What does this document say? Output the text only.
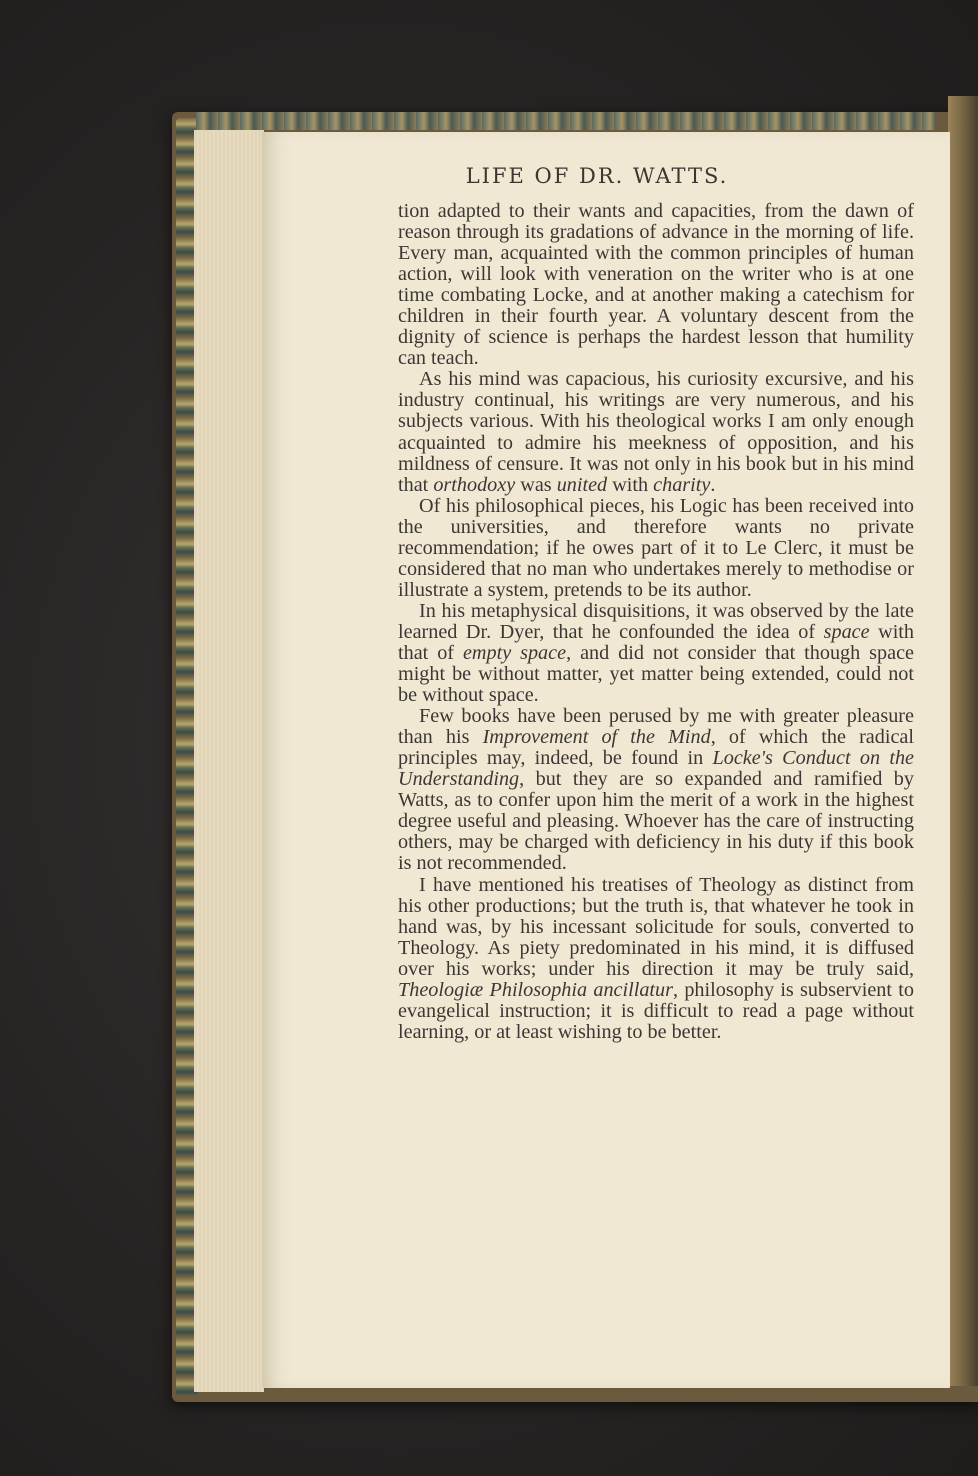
LIFE OF DR. WATTS.

tion adapted to their wants and capacities, from the dawn of reason through its gradations of advance in the morning of life. Every man, acquainted with the common principles of human action, will look with veneration on the writer who is at one time combating Locke, and at another making a catechism for children in their fourth year. A voluntary descent from the dignity of science is perhaps the hardest lesson that humility can teach.

As his mind was capacious, his curiosity excursive, and his industry continual, his writings are very numerous, and his subjects various. With his theological works I am only enough acquainted to admire his meekness of opposition, and his mildness of censure. It was not only in his book but in his mind that orthodoxy was united with charity.

Of his philosophical pieces, his Logic has been received into the universities, and therefore wants no private recommendation; if he owes part of it to Le Clerc, it must be considered that no man who undertakes merely to methodise or illustrate a system, pretends to be its author.

In his metaphysical disquisitions, it was observed by the late learned Dr. Dyer, that he confounded the idea of space with that of empty space, and did not consider that though space might be without matter, yet matter being extended, could not be without space.

Few books have been perused by me with greater pleasure than his Improvement of the Mind, of which the radical principles may, indeed, be found in Locke's Conduct on the Understanding, but they are so expanded and ramified by Watts, as to confer upon him the merit of a work in the highest degree useful and pleasing. Whoever has the care of instructing others, may be charged with deficiency in his duty if this book is not recommended.

I have mentioned his treatises of Theology as distinct from his other productions; but the truth is, that whatever he took in hand was, by his incessant solicitude for souls, converted to Theology. As piety predominated in his mind, it is diffused over his works; under his direction it may be truly said, Theologiæ Philosophia ancillatur, philosophy is subservient to evangelical instruction; it is difficult to read a page without learning, or at least wishing to be better.
